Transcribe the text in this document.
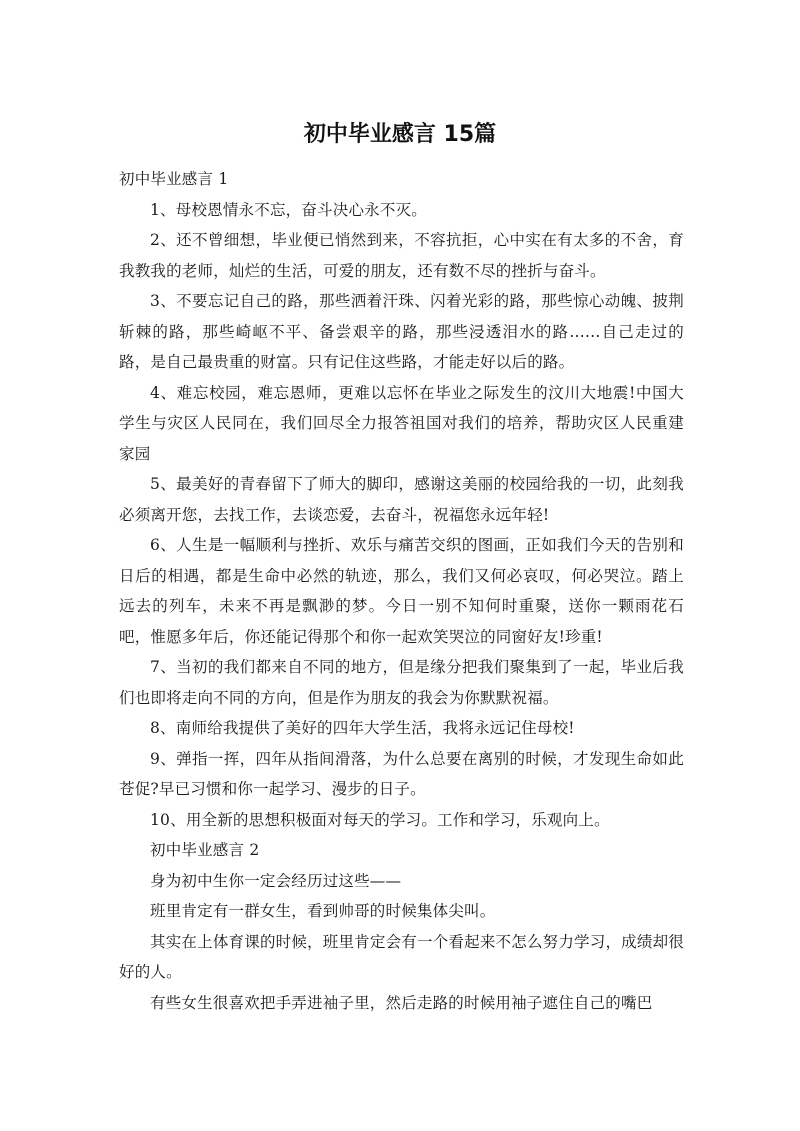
初中毕业感言 15篇

初中毕业感言 1

1、母校恩情永不忘，奋斗决心永不灭。

2、还不曾细想，毕业便已悄然到来，不容抗拒，心中实在有太多的不舍，育我教我的老师，灿烂的生活，可爱的朋友，还有数不尽的挫折与奋斗。

3、不要忘记自己的路，那些洒着汗珠、闪着光彩的路，那些惊心动魄、披荆斩棘的路，那些崎岖不平、备尝艰辛的路，那些浸透泪水的路……自己走过的路，是自己最贵重的财富。只有记住这些路，才能走好以后的路。

4、难忘校园，难忘恩师，更难以忘怀在毕业之际发生的汶川大地震!中国大学生与灾区人民同在，我们回尽全力报答祖国对我们的培养，帮助灾区人民重建家园

5、最美好的青春留下了师大的脚印，感谢这美丽的校园给我的一切，此刻我必须离开您，去找工作，去谈恋爱，去奋斗，祝福您永远年轻!

6、人生是一幅顺利与挫折、欢乐与痛苦交织的图画，正如我们今天的告别和日后的相遇，都是生命中必然的轨迹，那么，我们又何必哀叹，何必哭泣。踏上远去的列车，未来不再是飘渺的梦。今日一别不知何时重聚，送你一颗雨花石吧，惟愿多年后，你还能记得那个和你一起欢笑哭泣的同窗好友!珍重!

7、当初的我们都来自不同的地方，但是缘分把我们聚集到了一起，毕业后我们也即将走向不同的方向，但是作为朋友的我会为你默默祝福。

8、南师给我提供了美好的四年大学生活，我将永远记住母校!

9、弹指一挥，四年从指间滑落，为什么总要在离别的时候，才发现生命如此苍促?早已习惯和你一起学习、漫步的日子。

10、用全新的思想积极面对每天的学习。工作和学习，乐观向上。

初中毕业感言 2

身为初中生你一定会经历过这些——

班里肯定有一群女生，看到帅哥的时候集体尖叫。

其实在上体育课的时候，班里肯定会有一个看起来不怎么努力学习，成绩却很好的人。

有些女生很喜欢把手弄进袖子里，然后走路的时候用袖子遮住自己的嘴巴
